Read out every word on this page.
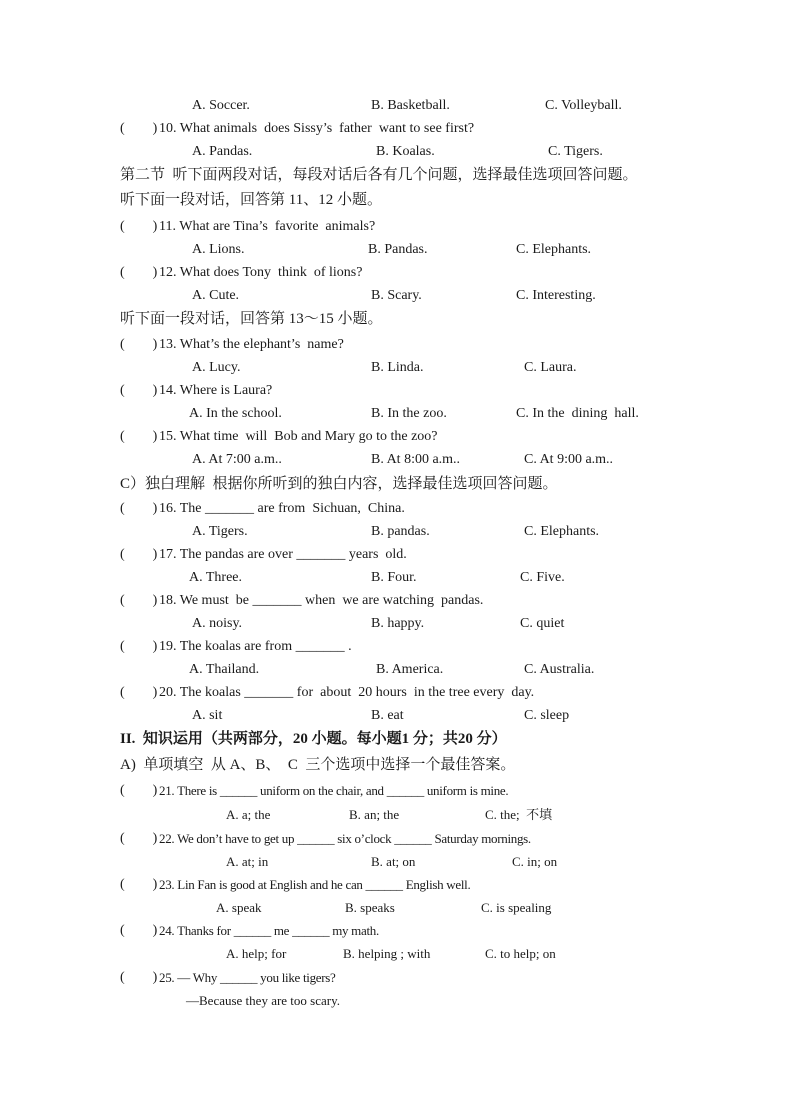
A. Soccer.	B. Basketball.	C. Volleyball.
(        ) 10. What animals  does Sissy’s  father  want to see first?
A. Pandas.	B. Koalas.	C. Tigers.
第二节  听下面两段对话，每段对话后各有几个问题，选择最佳选项回答问题。
听下面一段对话，回答第 11、12 小题。
(        ) 11. What are Tina’s  favorite  animals?
A. Lions.	B. Pandas.	C. Elephants.
(        ) 12. What does Tony  think  of lions?
A. Cute.	B. Scary.	C. Interesting.
听下面一段对话，回答第 13～15 小题。
(        ) 13. What’s the elephant’s  name?
A. Lucy.	B. Linda.	C. Laura.
(        ) 14. Where is Laura?
A. In the school.	B. In the zoo.	C. In the  dining  hall.
(        ) 15. What time  will  Bob and Mary go to the zoo?
A. At 7:00 a.m..	B. At 8:00 a.m..	C. At 9:00 a.m..
C）独白理解  根据你所听到的独白内容，选择最佳选项回答问题。
(        ) 16. The _______ are from  Sichuan,  China.
A. Tigers.	B. pandas.	C. Elephants.
(        ) 17. The pandas are over _______ years  old.
A. Three.	B. Four.	C. Five.
(        ) 18. We must  be _______ when  we are watching  pandas.
A. noisy.	B. happy.	C. quiet
(        ) 19. The koalas are from _______ .
A. Thailand.	B. America.	C. Australia.
(        ) 20. The koalas _______ for  about  20 hours  in the tree every  day.
A. sit	B. eat	C. sleep
II.  知识运用（共两部分，20 小题。每小题1 分；共20 分）
A)  单项填空  从 A、B、  C  三个选项中选择一个最佳答案。
(        ) 21. There is ______ uniform on the chair, and ______ uniform is mine.
A. a; the	B. an; the	C. the;  不填
(        ) 22. We don’t have to get up ______ six o’clock ______ Saturday mornings.
A. at; in	B. at; on	C. in; on
(        ) 23. Lin Fan is good at English and he can ______ English well.
A. speak	B. speaks	C. is spealing
(        ) 24. Thanks for ______ me ______ my math.
A. help; for	B. helping ; with	C. to help; on
(        ) 25. — Why ______ you like tigers?
—Because they are too scary.
